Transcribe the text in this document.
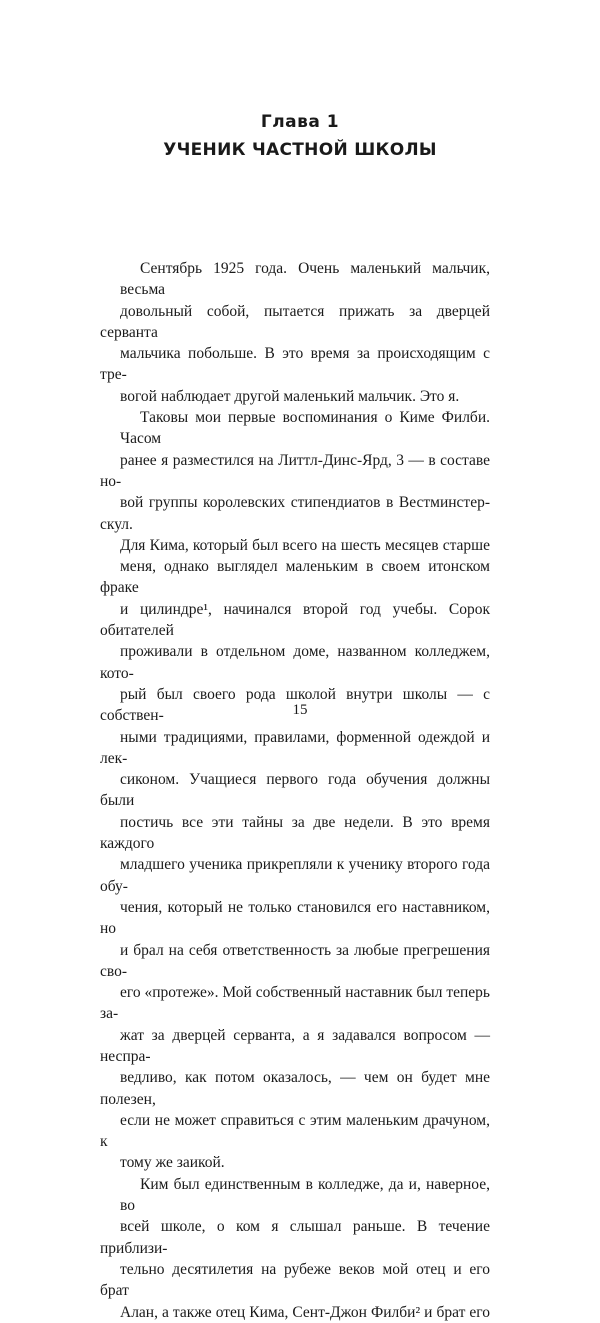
Глава 1
УЧЕНИК ЧАСТНОЙ ШКОЛЫ
Сентябрь 1925 года. Очень маленький мальчик, весьма
довольный собой, пытается прижать за дверцей серванта
мальчика побольше. В это время за происходящим с тре-
вогой наблюдает другой маленький мальчик. Это я.
Таковы мои первые воспоминания о Киме Филби. Часом
ранее я разместился на Литтл-Динс-Ярд, 3 — в составе но-
вой группы королевских стипендиатов в Вестминстер-скул.
Для Кима, который был всего на шесть месяцев старше
меня, однако выглядел маленьким в своем итонском фраке
и цилиндре¹, начинался второй год учебы. Сорок обитателей
проживали в отдельном доме, названном колледжем, кото-
рый был своего рода школой внутри школы — с собствен-
ными традициями, правилами, форменной одеждой и лек-
сиконом. Учащиеся первого года обучения должны были
постичь все эти тайны за две недели. В это время каждого
младшего ученика прикрепляли к ученику второго года обу-
чения, который не только становился его наставником, но
и брал на себя ответственность за любые прегрешения сво-
его «протеже». Мой собственный наставник был теперь за-
жат за дверцей серванта, а я задавался вопросом — неспра-
ведливо, как потом оказалось, — чем он будет мне полезен,
если не может справиться с этим маленьким драчуном, к
тому же заикой.
Ким был единственным в колледже, да и, наверное, во
всей школе, о ком я слышал раньше. В течение приблизи-
тельно десятилетия на рубеже веков мой отец и его брат
Алан, а также отец Кима, Сент-Джон Филби² и брат его
15
